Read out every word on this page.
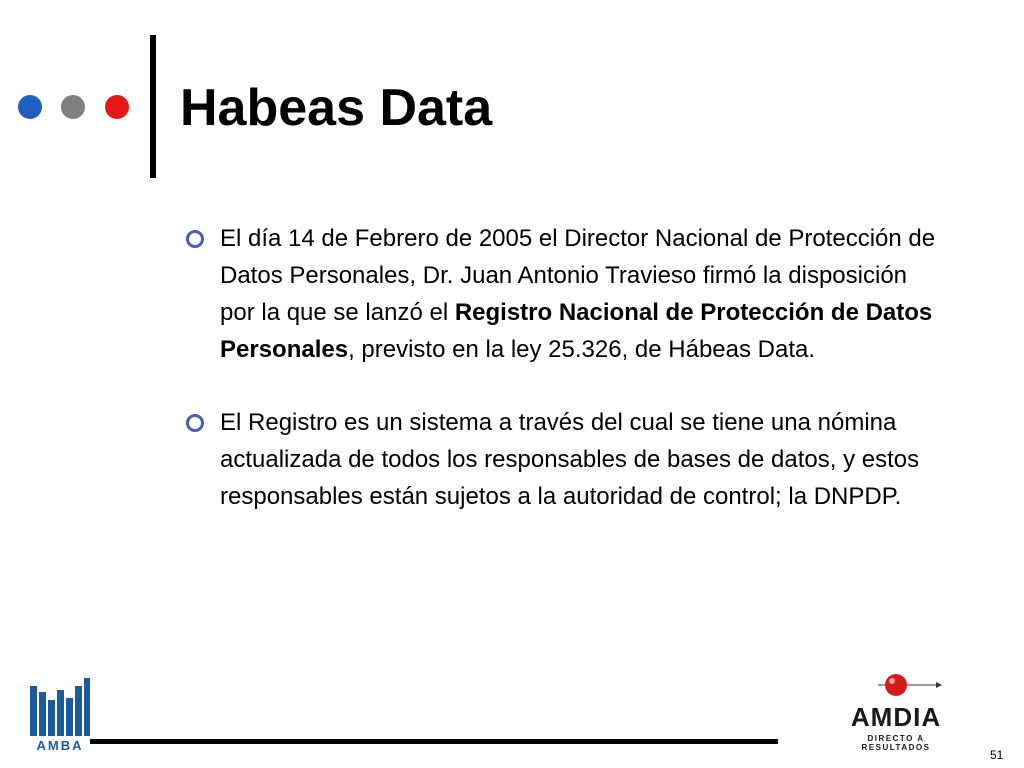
Habeas Data
El día 14 de Febrero de 2005 el Director Nacional de Protección de Datos Personales, Dr. Juan Antonio Travieso firmó la disposición por la que se lanzó el Registro Nacional de Protección de Datos Personales, previsto en la ley 25.326, de Hábeas Data.
El Registro es un sistema a través del cual se tiene una nómina actualizada de todos los responsables de bases de datos, y estos responsables están sujetos a la autoridad de control; la DNPDP.
AMBA
AMDIA
DIRECTO A RESULTADOS
51
